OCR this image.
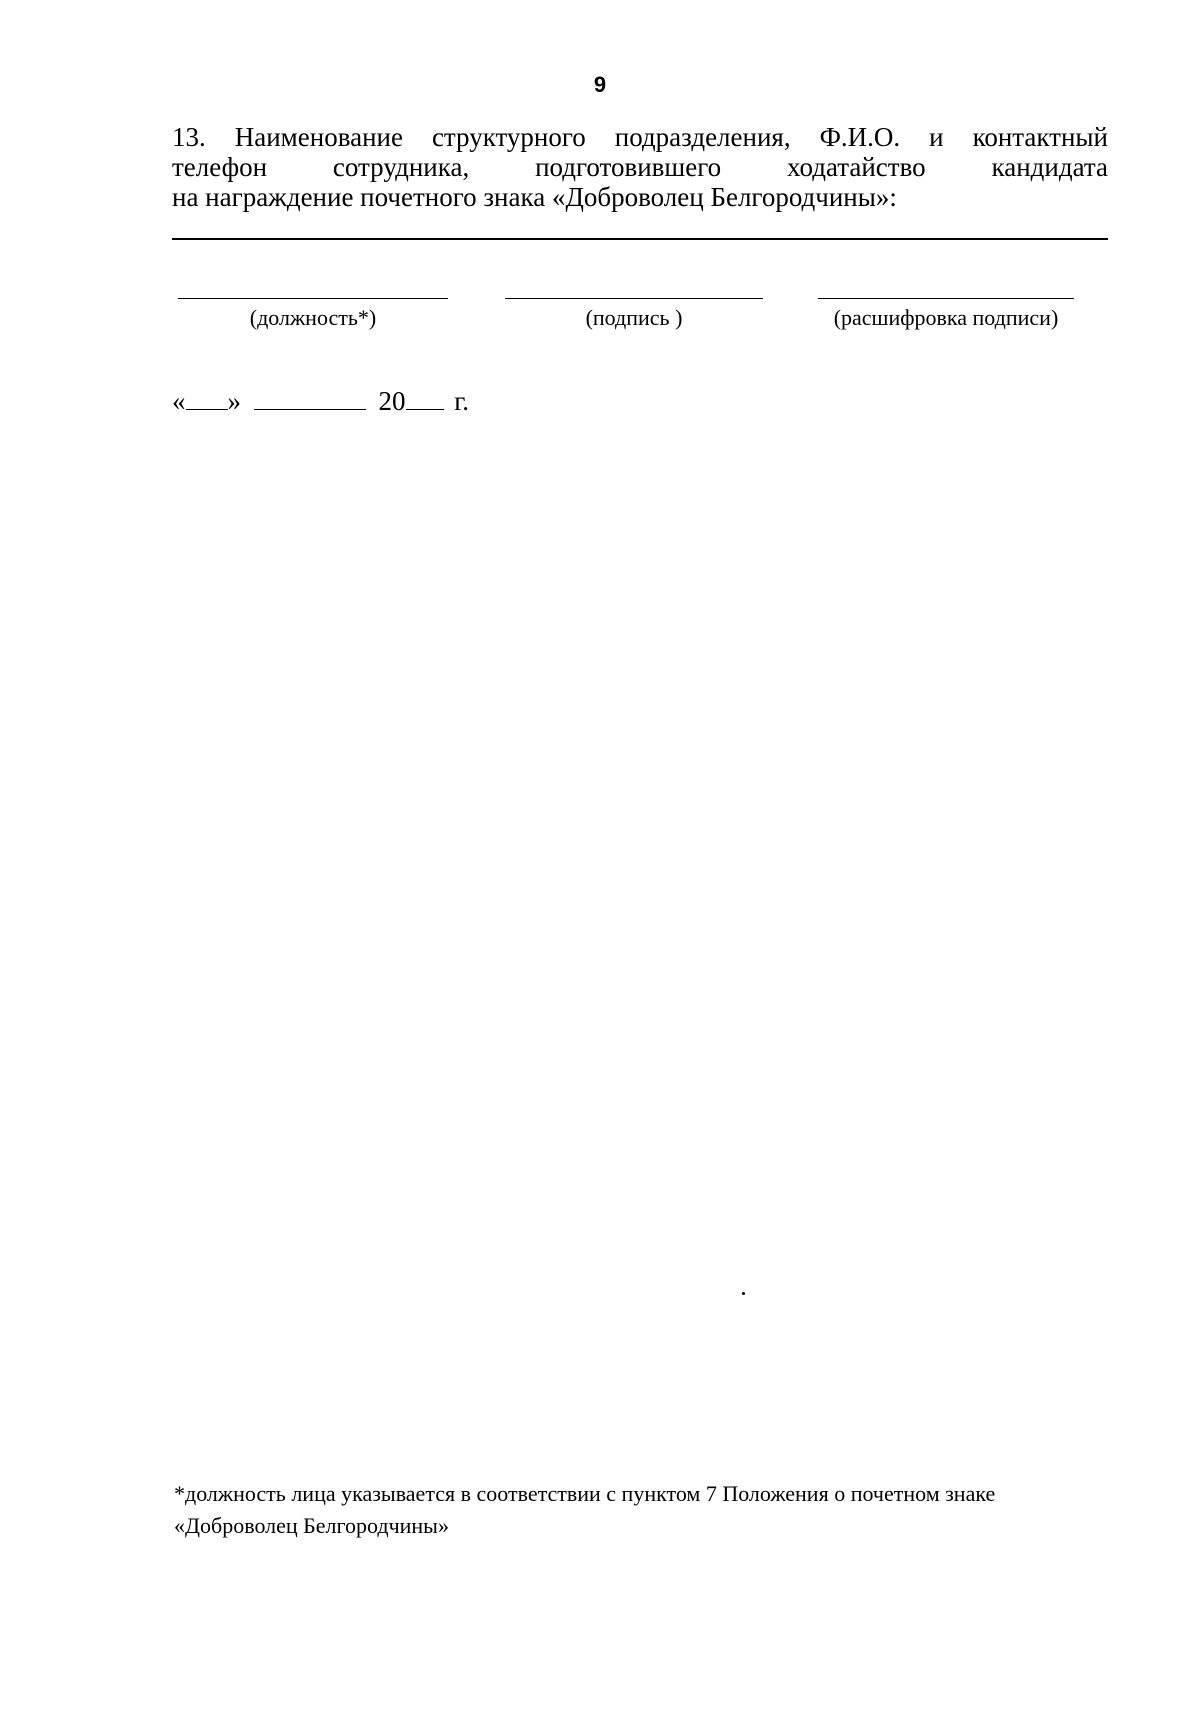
9
13. Наименование структурного подразделения, Ф.И.О. и контактный
телефон сотрудника, подготовившего ходатайство кандидата
на награждение почетного знака «Доброволец Белгородчины»:
(должность*)	(подпись )	(расшифровка подписи)
« »	20 г.
*должность лица указывается в соответствии с пунктом 7 Положения о почетном знаке
«Доброволец Белгородчины»
